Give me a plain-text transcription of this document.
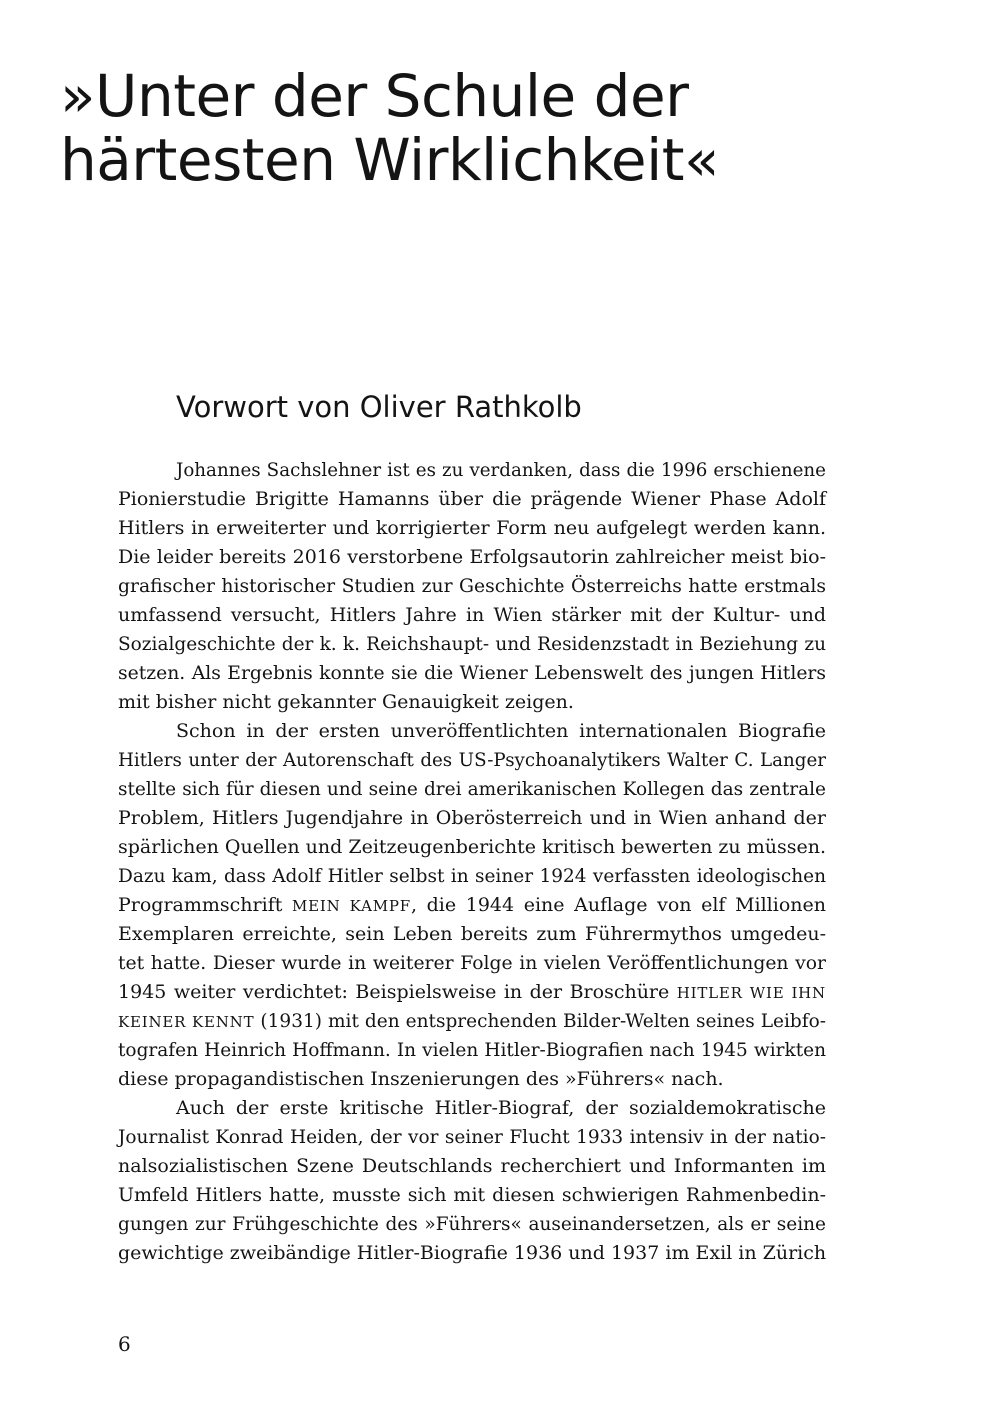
»Unter der Schule der
härtesten Wirklichkeit«
Vorwort von Oliver Rathkolb

Johannes Sachslehner ist es zu verdanken, dass die 1996 erschienene
Pionierstudie Brigitte Hamanns über die prägende Wiener Phase Adolf
Hitlers in erweiterter und korrigierter Form neu aufgelegt werden kann.
Die leider bereits 2016 verstorbene Erfolgsautorin zahlreicher meist bio-
grafischer historischer Studien zur Geschichte Österreichs hatte erstmals
umfassend versucht, Hitlers Jahre in Wien stärker mit der Kultur- und
Sozialgeschichte der k. k. Reichshaupt- und Residenzstadt in Beziehung zu
setzen. Als Ergebnis konnte sie die Wiener Lebenswelt des jungen Hitlers
mit bisher nicht gekannter Genauigkeit zeigen.

Schon in der ersten unveröffentlichten internationalen Biografie
Hitlers unter der Autorenschaft des US-Psychoanalytikers Walter C. Langer
stellte sich für diesen und seine drei amerikanischen Kollegen das zentrale
Problem, Hitlers Jugendjahre in Oberösterreich und in Wien anhand der
spärlichen Quellen und Zeitzeugenberichte kritisch bewerten zu müssen.
Dazu kam, dass Adolf Hitler selbst in seiner 1924 verfassten ideologischen
Programmschrift MEIN KAMPF, die 1944 eine Auflage von elf Millionen
Exemplaren erreichte, sein Leben bereits zum Führermythos umgedeu-
tet hatte. Dieser wurde in weiterer Folge in vielen Veröffentlichungen vor
1945 weiter verdichtet: Beispielsweise in der Broschüre HITLER WIE IHN
KEINER KENNT (1931) mit den entsprechenden Bilder-Welten seines Leibfo-
tografen Heinrich Hoffmann. In vielen Hitler-Biografien nach 1945 wirkten
diese propagandistischen Inszenierungen des »Führers« nach.

Auch der erste kritische Hitler-Biograf, der sozialdemokratische
Journalist Konrad Heiden, der vor seiner Flucht 1933 intensiv in der natio-
nalsozialistischen Szene Deutschlands recherchiert und Informanten im
Umfeld Hitlers hatte, musste sich mit diesen schwierigen Rahmenbedin-
gungen zur Frühgeschichte des »Führers« auseinandersetzen, als er seine
gewichtige zweibändige Hitler-Biografie 1936 und 1937 im Exil in Zürich

6
